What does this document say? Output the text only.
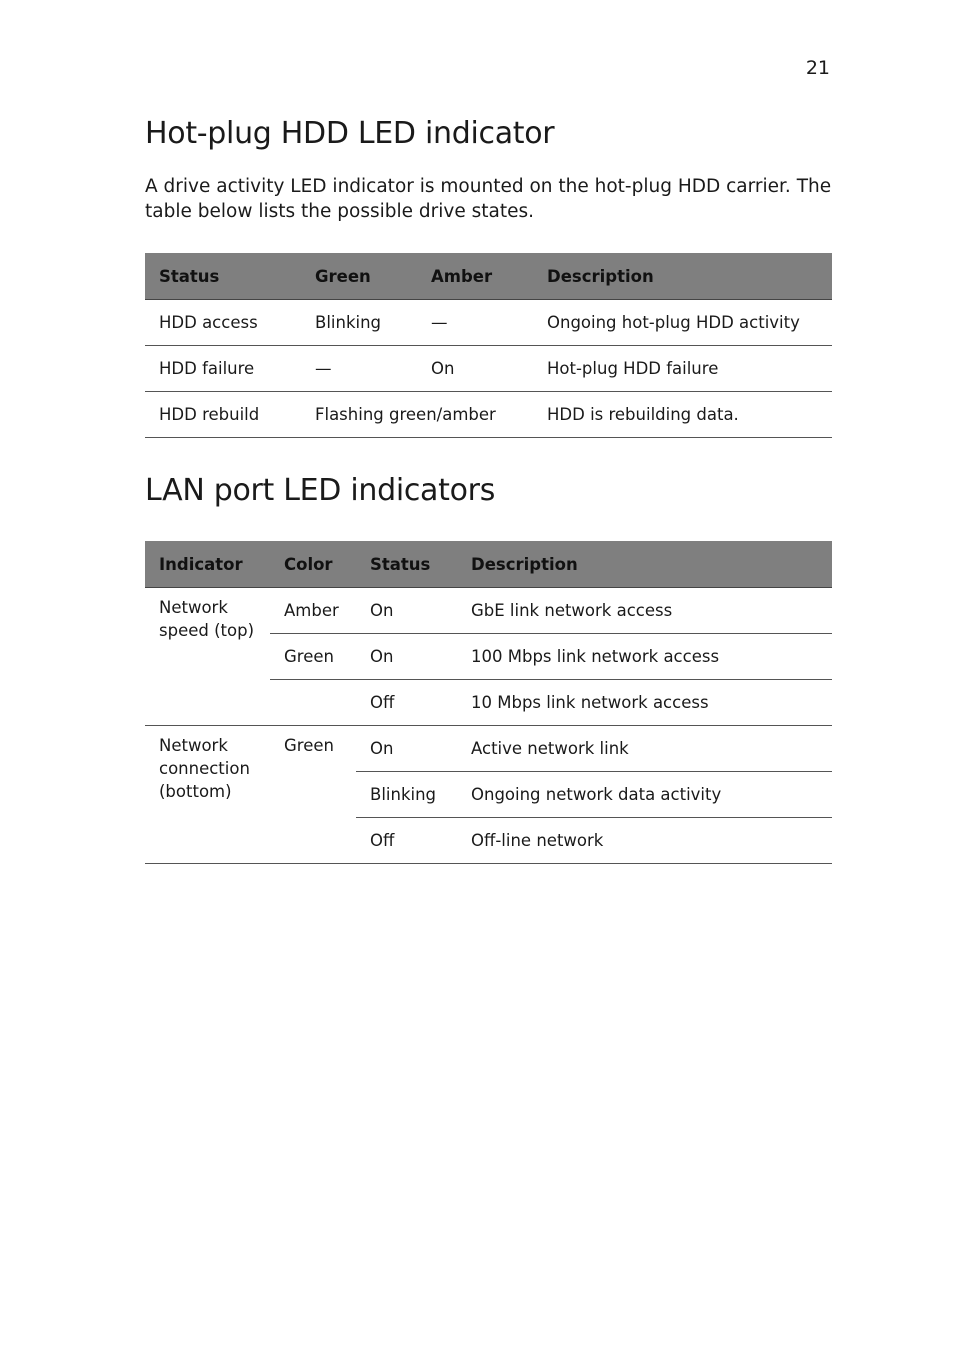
21

Hot-plug HDD LED indicator

A drive activity LED indicator is mounted on the hot-plug HDD carrier. The table below lists the possible drive states.

Status	Green	Amber	Description
HDD access	Blinking	—	Ongoing hot-plug HDD activity
HDD failure	—	On	Hot-plug HDD failure
HDD rebuild	Flashing green/amber		HDD is rebuilding data.
LAN port LED indicators
Indicator	Color	Status	Description
Network speed (top)	Amber	On	GbE link network access
	Green	On	100 Mbps link network access
		Off	10 Mbps link network access
Network connection (bottom)	Green	On	Active network link
		Blinking	Ongoing network data activity
		Off	Off-line network
